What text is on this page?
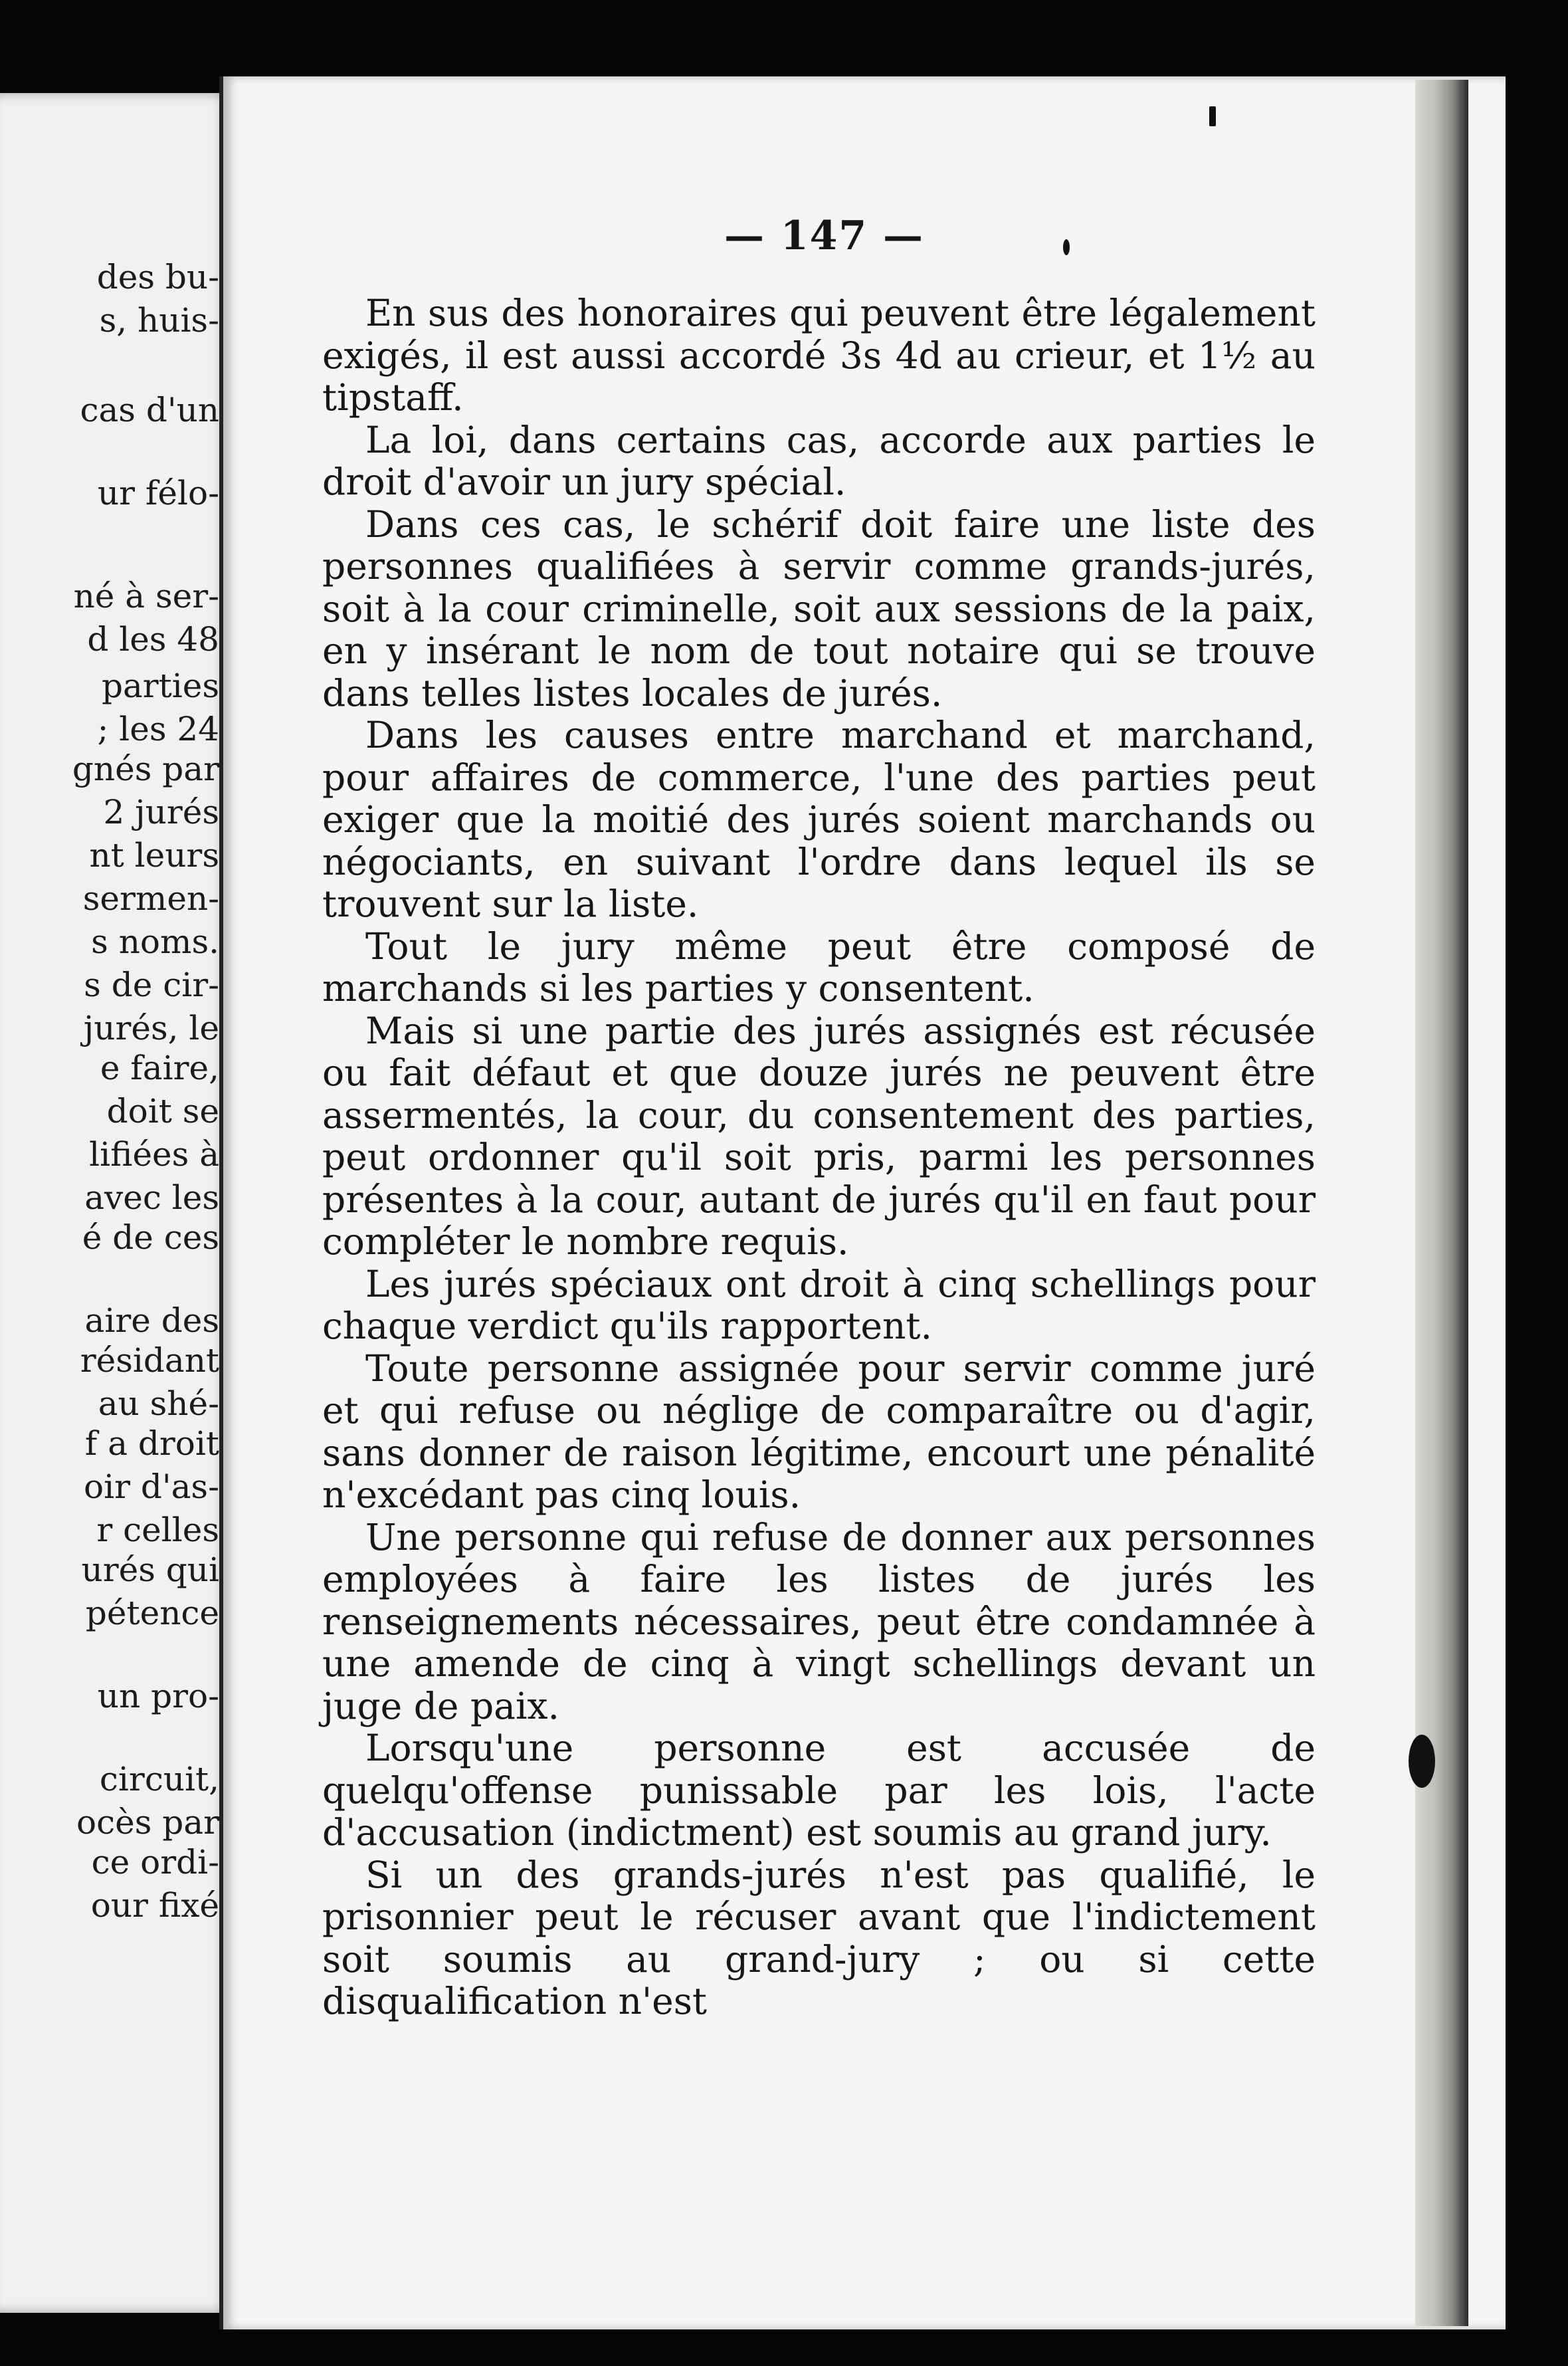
des bu-
s, huis-
cas d'un
ur félo-
né à ser-
d les 48
parties
; les 24
gnés par
2 jurés
nt leurs
sermen-
s noms.
s de cir-
jurés, le
e faire,
doit se
lifiées à
avec les
é de ces
aire des
résidant
au shé-
f a droit
oir d'as-
r celles
urés qui
pétence
un pro-
circuit,
ocès par
ce ordi-
our fixé
— 147 —

En sus des honoraires qui peuvent être légalement exigés, il est aussi accordé 3s 4d au crieur, et 1½ au tipstaff.

La loi, dans certains cas, accorde aux parties le droit d'avoir un jury spécial.

Dans ces cas, le schérif doit faire une liste des personnes qualifiées à servir comme grands-jurés, soit à la cour criminelle, soit aux sessions de la paix, en y insérant le nom de tout notaire qui se trouve dans telles listes locales de jurés.

Dans les causes entre marchand et marchand, pour affaires de commerce, l'une des parties peut exiger que la moitié des jurés soient marchands ou négociants, en suivant l'ordre dans lequel ils se trouvent sur la liste.

Tout le jury même peut être composé de marchands si les parties y consentent.

Mais si une partie des jurés assignés est récusée ou fait défaut et que douze jurés ne peuvent être assermentés, la cour, du consentement des parties, peut ordonner qu'il soit pris, parmi les personnes présentes à la cour, autant de jurés qu'il en faut pour compléter le nombre requis.

Les jurés spéciaux ont droit à cinq schellings pour chaque verdict qu'ils rapportent.

Toute personne assignée pour servir comme juré et qui refuse ou néglige de comparaître ou d'agir, sans donner de raison légitime, encourt une pénalité n'excédant pas cinq louis.

Une personne qui refuse de donner aux personnes employées à faire les listes de jurés les renseignements nécessaires, peut être condamnée à une amende de cinq à vingt schellings devant un juge de paix.

Lorsqu'une personne est accusée de quelqu'offense punissable par les lois, l'acte d'accusation (indictment) est soumis au grand jury.

Si un des grands-jurés n'est pas qualifié, le prisonnier peut le récuser avant que l'indictement soit soumis au grand-jury ; ou si cette disqualification n'est
